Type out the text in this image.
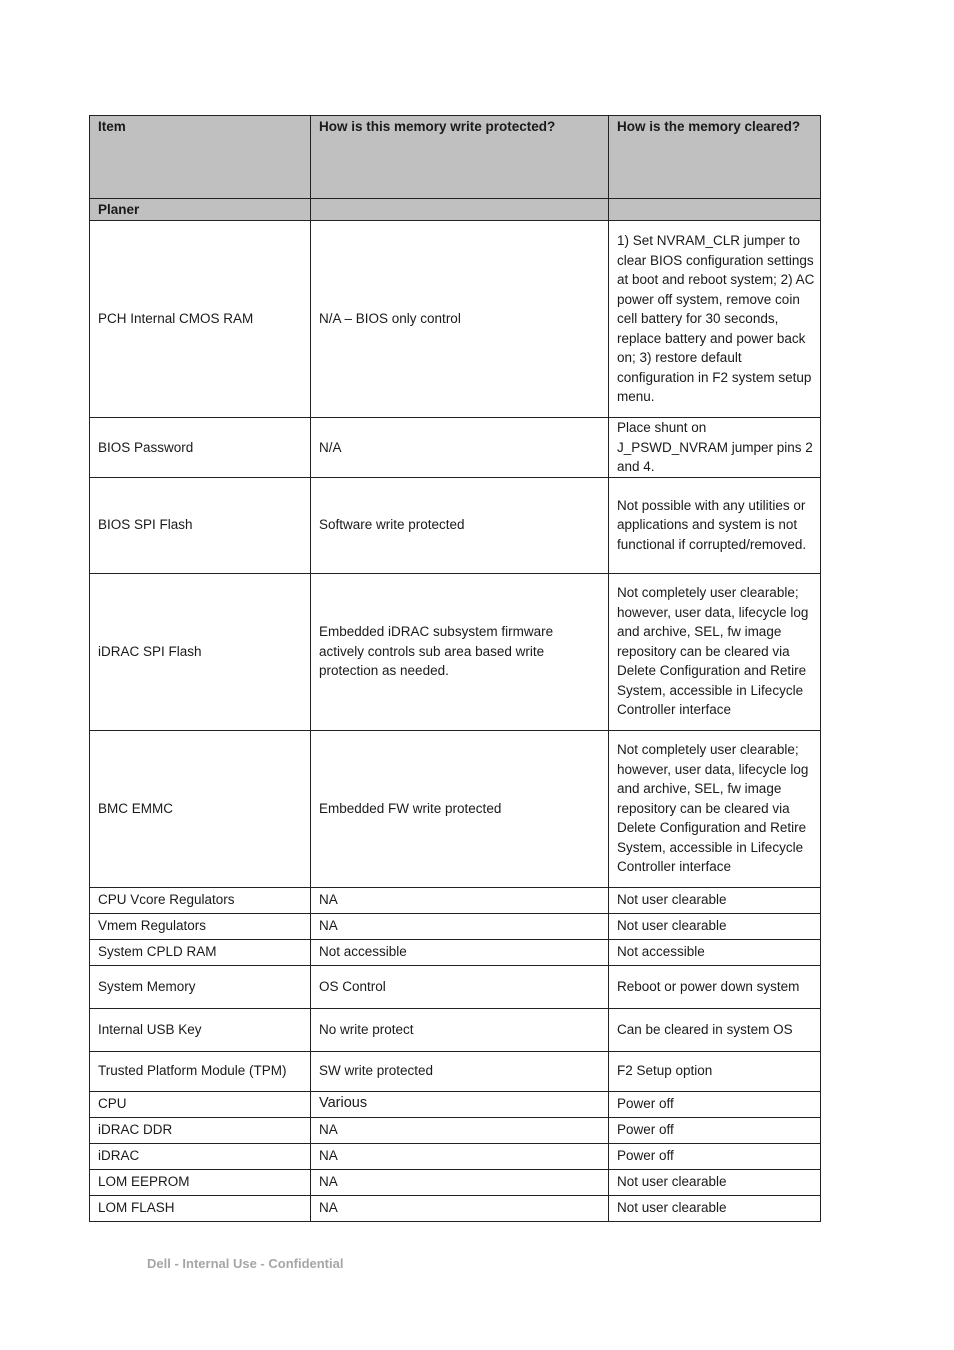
Item	How is this memory write protected?	How is the memory cleared?
Planer		
PCH Internal CMOS RAM	N/A – BIOS only control	1) Set NVRAM_CLR jumper to clear BIOS configuration settings at boot and reboot system; 2) AC power off system, remove coin cell battery for 30 seconds, replace battery and power back on; 3) restore default configuration in F2 system setup menu.
BIOS Password	N/A	Place shunt on J_PSWD_NVRAM jumper pins 2 and 4.
BIOS SPI Flash	Software write protected	Not possible with any utilities or applications and system is not functional if corrupted/removed.
iDRAC SPI Flash	Embedded iDRAC subsystem firmware actively controls sub area based write protection as needed.	Not completely user clearable; however, user data, lifecycle log and archive, SEL, fw image repository can be cleared via Delete Configuration and Retire System, accessible in Lifecycle Controller interface
BMC EMMC	Embedded FW write protected	Not completely user clearable; however, user data, lifecycle log and archive, SEL, fw image repository can be cleared via Delete Configuration and Retire System, accessible in Lifecycle Controller interface
CPU Vcore Regulators	NA	Not user clearable
Vmem Regulators	NA	Not user clearable
System CPLD RAM	Not accessible	Not accessible
System Memory	OS Control	Reboot or power down system
Internal USB Key	No write protect	Can be cleared in system OS
Trusted Platform Module (TPM)	SW write protected	F2 Setup option
CPU	Various	Power off
iDRAC DDR	NA	Power off
iDRAC	NA	Power off
LOM EEPROM	NA	Not user clearable
LOM FLASH	NA	Not user clearable
Dell - Internal Use - Confidential
